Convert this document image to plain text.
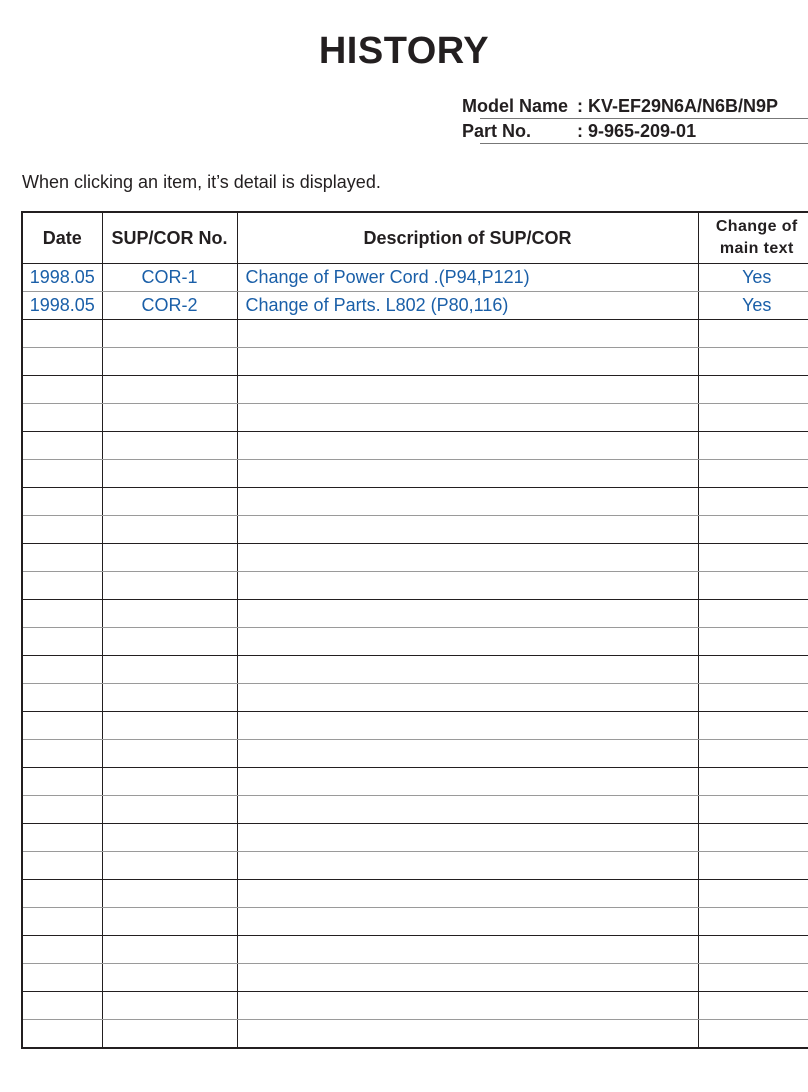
HISTORY
Model Name : KV-EF29N6A/N6B/N9P
Part No.	: 9-965-209-01
When clicking an item, it’s detail is displayed.
Date	SUP/COR No.	Description of SUP/COR	Change of
main text
1998.05	COR-1	Change of Power Cord .(P94,P121)	Yes
1998.05	COR-2	Change of Parts. L802 (P80,116)	Yes
